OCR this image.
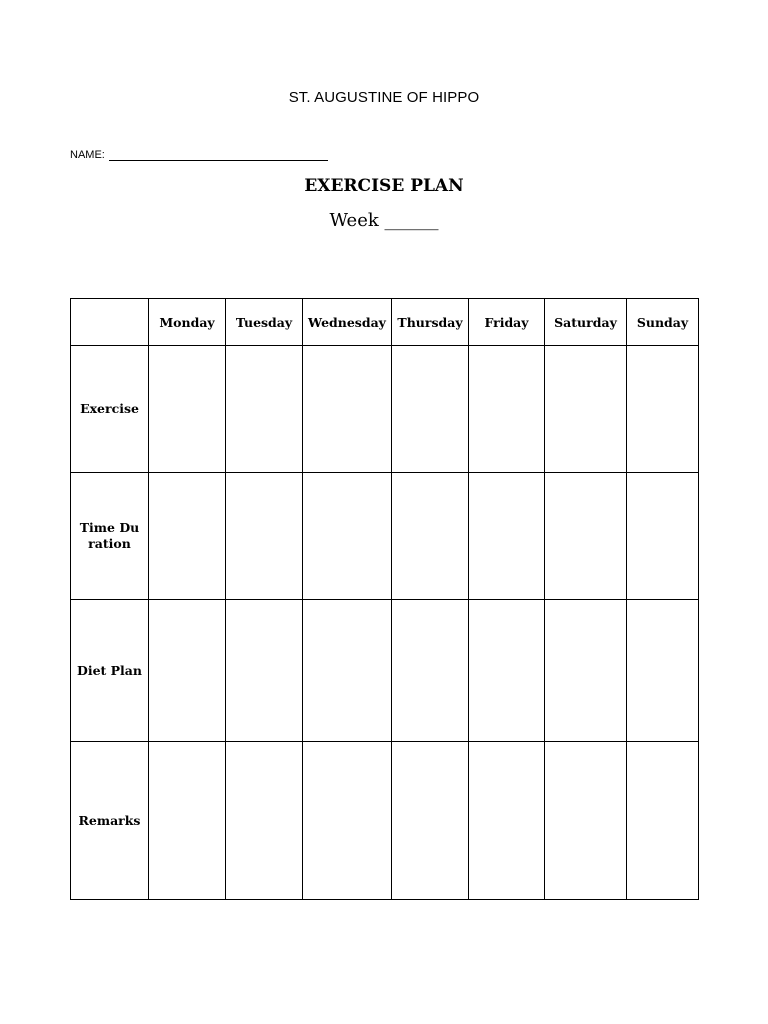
ST. AUGUSTINE OF HIPPO
NAME:
EXERCISE PLAN
Week ______
	Monday	Tuesday	Wednesday	Thursday	Friday	Saturday	Sunday
Exercise							
Time Duration							
Diet Plan							
Remarks							
